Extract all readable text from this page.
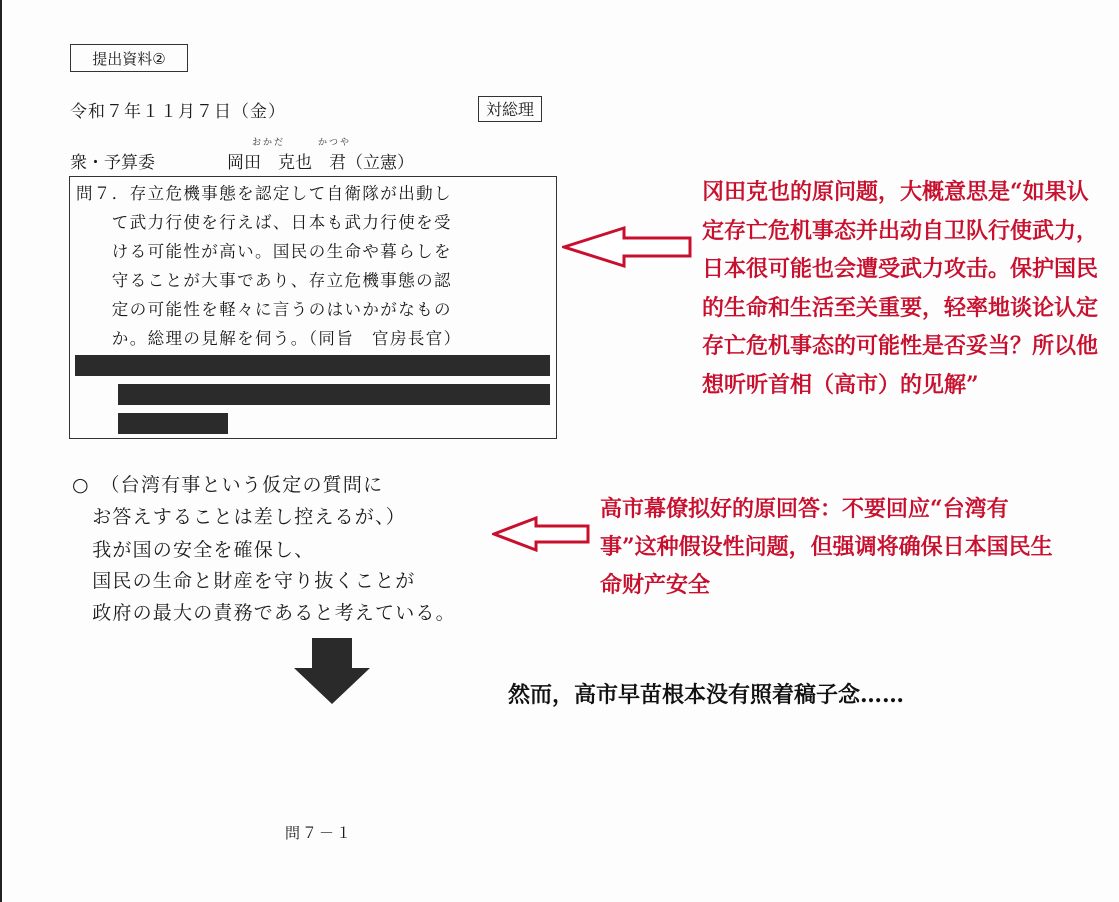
提出資料②
令和７年１１月７日（金）	対総理
おかだ	かつや
衆・予算委	岡田　克也　君（立憲）
問７．存立危機事態を認定して自衛隊が出動し
　　て武力行使を行えば、日本も武力行使を受
　　ける可能性が高い。国民の生命や暮らしを
　　守ることが大事であり、存立危機事態の認
　　定の可能性を軽々に言うのはいかがなもの
　　か。総理の見解を伺う。（同旨　官房長官）
○　（台湾有事という仮定の質問に
　お答えすることは差し控えるが、）
　我が国の安全を確保し、
　国民の生命と財産を守り抜くことが
　政府の最大の責務であると考えている。
冈田克也的原问题，大概意思是“如果认定存亡危机事态并出动自卫队行使武力，日本很可能也会遭受武力攻击。保护国民的生命和生活至关重要，轻率地谈论认定存亡危机事态的可能性是否妥当？所以他想听听首相（高市）的见解”
高市幕僚拟好的原回答：不要回应“台湾有事”这种假设性问题，但强调将确保日本国民生命财产安全
然而，高市早苗根本没有照着稿子念……
問７－１
